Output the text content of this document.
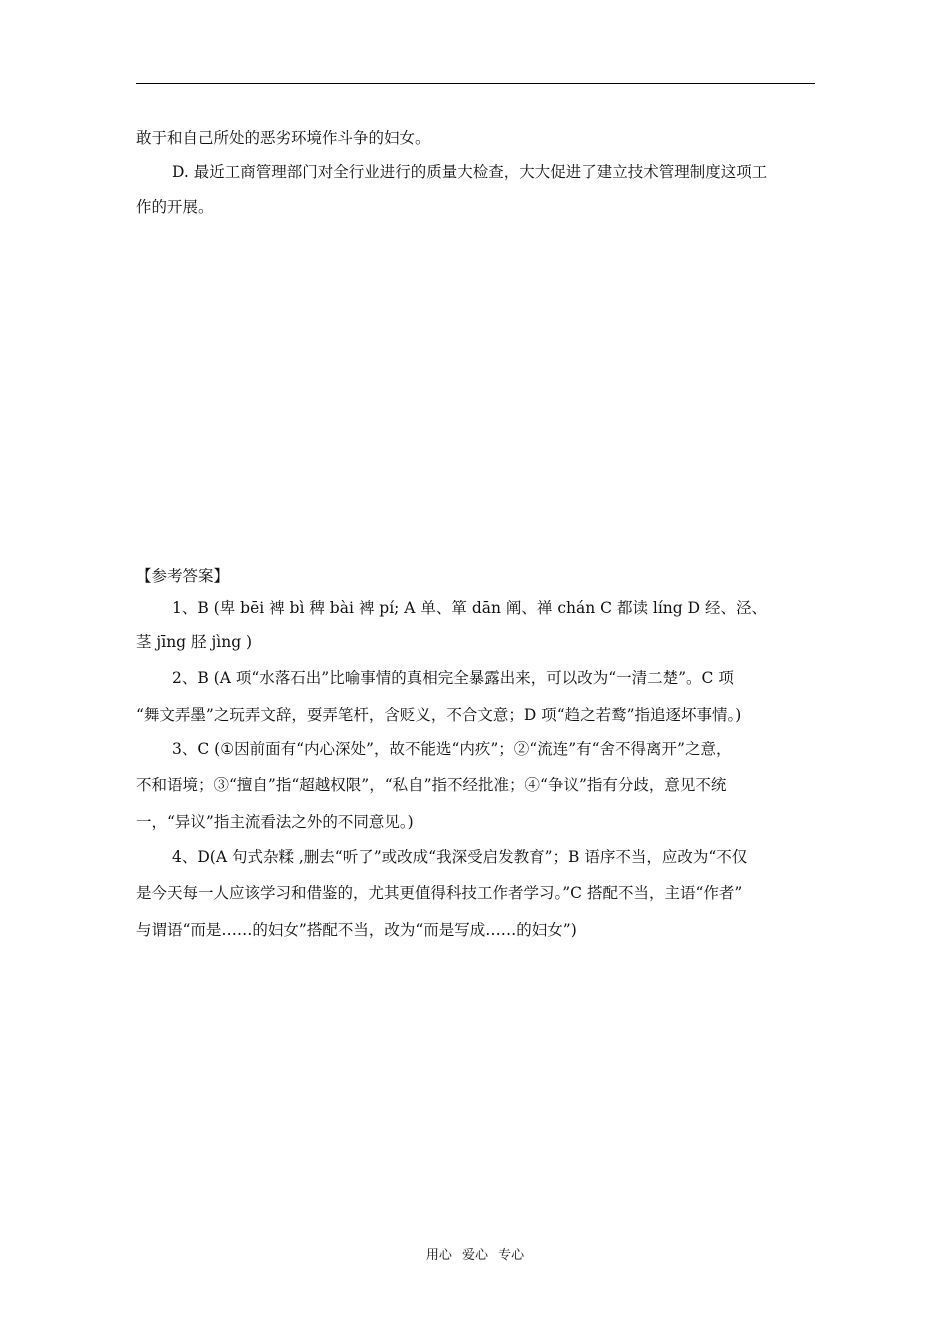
敢于和自己所处的恶劣环境作斗争的妇女。
D. 最近工商管理部门对全行业进行的质量大检查，大大促进了建立技术管理制度这项工
作的开展。
【参考答案】
1、B (卑 bēi 裨 bì 稗 bài 裨 pí; A 单、箪 dān 阐、禅 chán C 都读 líng D 经、泾、
茎 jīng 胫 jìng )
2、B (A 项“水落石出”比喻事情的真相完全暴露出来，可以改为“一清二楚”。C 项
“舞文弄墨”之玩弄文辞，耍弄笔杆，含贬义，不合文意；D 项“趋之若鹜”指追逐坏事情。)
3、C (①因前面有“内心深处”，故不能选“内疚”；②“流连”有“舍不得离开”之意，
不和语境；③“擅自”指“超越权限”，“私自”指不经批准；④“争议”指有分歧，意见不统
一，“异议”指主流看法之外的不同意见。)
4、D(A 句式杂糅 ,删去“听了”或改成“我深受启发教育”；B 语序不当，应改为“不仅
是今天每一人应该学习和借鉴的，尤其更值得科技工作者学习。”C 搭配不当，主语“作者”
与谓语“而是……的妇女”搭配不当，改为“而是写成……的妇女”)
用心 爱心 专心
